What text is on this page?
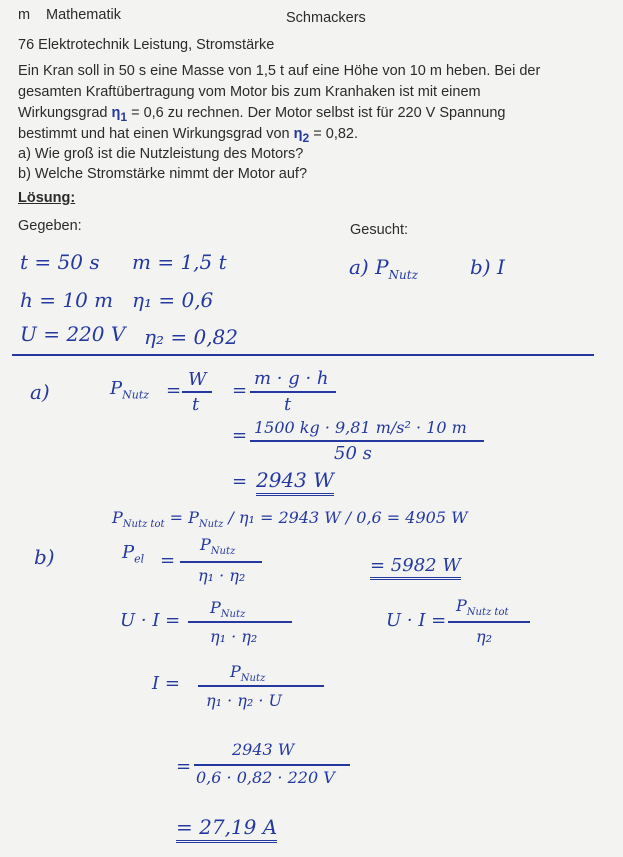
m Mathematik	Schmackers
76 Elektrotechnik Leistung, Stromstärke
Ein Kran soll in 50 s eine Masse von 1,5 t auf eine Höhe von 10 m heben. Bei der
gesamten Kraftübertragung vom Motor bis zum Kranhaken ist mit einem
Wirkungsgrad $\eta_1 = 0,6$ zu rechnen. Der Motor selbst ist für 220 V Spannung
bestimmt und hat einen Wirkungsgrad von $\eta_2 = 0,82$.
a) Wie groß ist die Nutzleistung des Motors?
b) Welche Stromstärke nimmt der Motor auf?
Lösung:
Gegeben:	Gesucht:
t = 50 s m = 1,5 t
h = 10 m η₁ = 0,6
U = 220 V η₂ = 0,82
a) $P_{Nutz}$	b) I
a)	$P_{Nutz}$ =
W
t
=
m · g · h
t
= 1500 kg · 9,81 m/s² · 10 m
50 s
= 2943 W
$P_{Nutz tot} = P_{Nutz} / \eta_1 = 2943$ W / 0,6 = 4905 W
b)	$P_{el}$ =
$P_{Nutz}$
η₁ · η₂	= 5982 W
U · I =
$P_{Nutz}$
η₁ · η₂
U · I =
$P_{Nutz tot}$
η₂
I =
$P_{Nutz}$
η₁ · η₂ · U
=
2943 W
0,6 · 0,82 · 220 V
= 27,19 A
